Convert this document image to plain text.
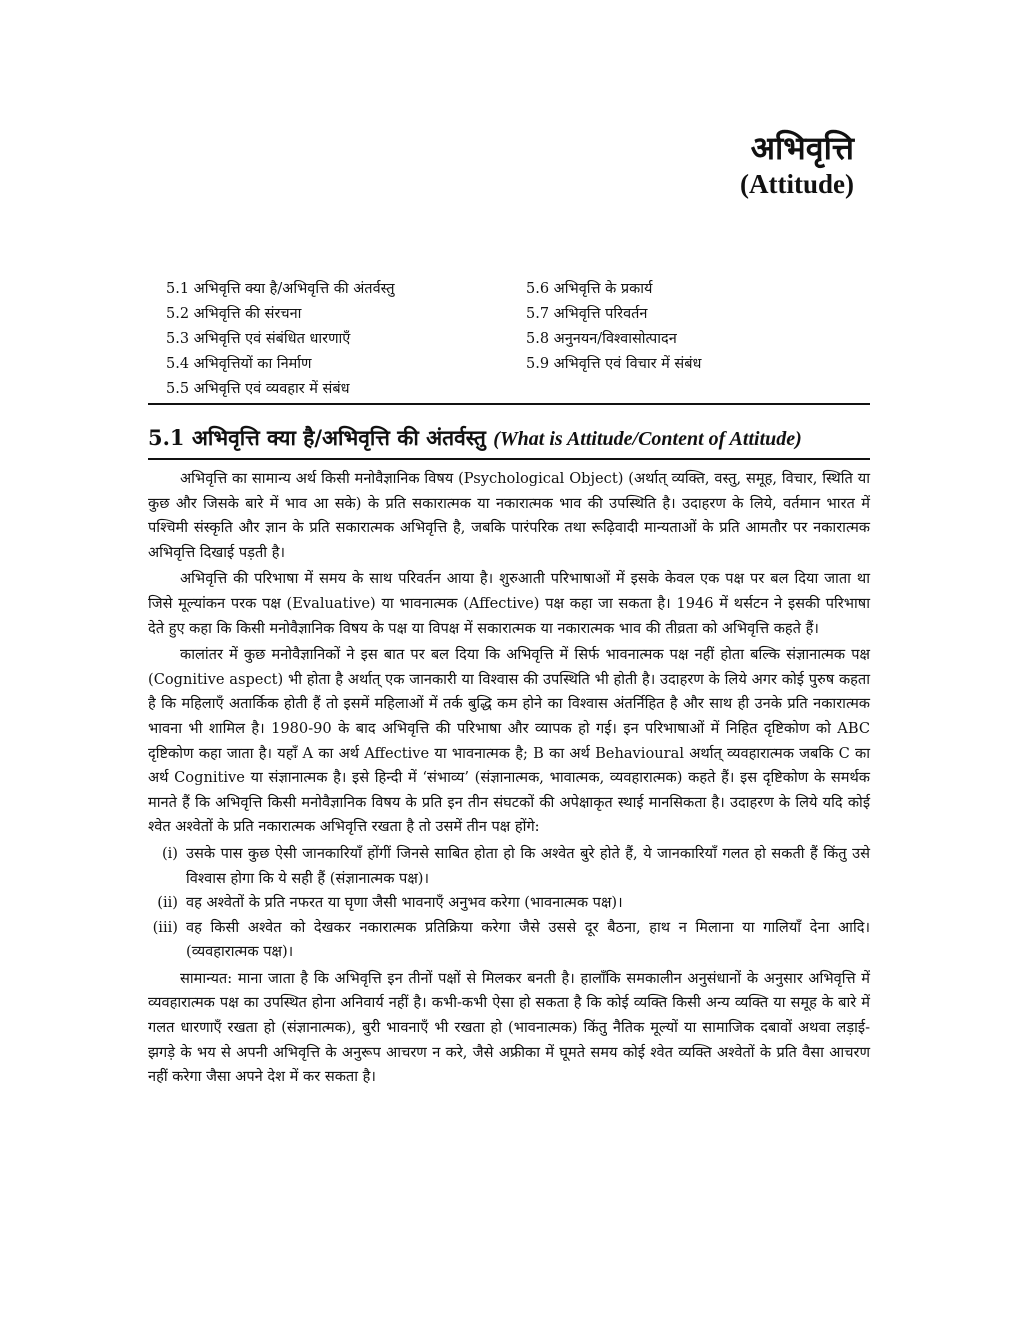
अभिवृत्ति
(Attitude)
5.1 अभिवृत्ति क्या है/अभिवृत्ति की अंतर्वस्तु	5.6 अभिवृत्ति के प्रकार्य
5.2 अभिवृत्ति की संरचना	5.7 अभिवृत्ति परिवर्तन
5.3 अभिवृत्ति एवं संबंधित धारणाएँ	5.8 अनुनयन/विश्वासोत्पादन
5.4 अभिवृत्तियों का निर्माण	5.9 अभिवृत्ति एवं विचार में संबंध
5.5 अभिवृत्ति एवं व्यवहार में संबंध
5.1 अभिवृत्ति क्या है/अभिवृत्ति की अंतर्वस्तु (What is Attitude/Content of Attitude)

अभिवृत्ति का सामान्य अर्थ किसी मनोवैज्ञानिक विषय (Psychological Object) (अर्थात् व्यक्ति, वस्तु, समूह, विचार, स्थिति या कुछ और जिसके बारे में भाव आ सके) के प्रति सकारात्मक या नकारात्मक भाव की उपस्थिति है। उदाहरण के लिये, वर्तमान भारत में पश्चिमी संस्कृति और ज्ञान के प्रति सकारात्मक अभिवृत्ति है, जबकि पारंपरिक तथा रूढ़िवादी मान्यताओं के प्रति आमतौर पर नकारात्मक अभिवृत्ति दिखाई पड़ती है।

अभिवृत्ति की परिभाषा में समय के साथ परिवर्तन आया है। शुरुआती परिभाषाओं में इसके केवल एक पक्ष पर बल दिया जाता था जिसे मूल्यांकन परक पक्ष (Evaluative) या भावनात्मक (Affective) पक्ष कहा जा सकता है। 1946 में थर्सटन ने इसकी परिभाषा देते हुए कहा कि किसी मनोवैज्ञानिक विषय के पक्ष या विपक्ष में सकारात्मक या नकारात्मक भाव की तीव्रता को अभिवृत्ति कहते हैं।

कालांतर में कुछ मनोवैज्ञानिकों ने इस बात पर बल दिया कि अभिवृत्ति में सिर्फ भावनात्मक पक्ष नहीं होता बल्कि संज्ञानात्मक पक्ष (Cognitive aspect) भी होता है अर्थात् एक जानकारी या विश्वास की उपस्थिति भी होती है। उदाहरण के लिये अगर कोई पुरुष कहता है कि महिलाएँ अतार्किक होती हैं तो इसमें महिलाओं में तर्क बुद्धि कम होने का विश्वास अंतर्निहित है और साथ ही उनके प्रति नकारात्मक भावना भी शामिल है। 1980-90 के बाद अभिवृत्ति की परिभाषा और व्यापक हो गई। इन परिभाषाओं में निहित दृष्टिकोण को ABC दृष्टिकोण कहा जाता है। यहाँ A का अर्थ Affective या भावनात्मक है; B का अर्थ Behavioural अर्थात् व्यवहारात्मक जबकि C का अर्थ Cognitive या संज्ञानात्मक है। इसे हिन्दी में ‘संभाव्य’ (संज्ञानात्मक, भावात्मक, व्यवहारात्मक) कहते हैं। इस दृष्टिकोण के समर्थक मानते हैं कि अभिवृत्ति किसी मनोवैज्ञानिक विषय के प्रति इन तीन संघटकों की अपेक्षाकृत स्थाई मानसिकता है। उदाहरण के लिये यदि कोई श्वेत अश्वेतों के प्रति नकारात्मक अभिवृत्ति रखता है तो उसमें तीन पक्ष होंगे:

(i) उसके पास कुछ ऐसी जानकारियाँ होंगीं जिनसे साबित होता हो कि अश्वेत बुरे होते हैं, ये जानकारियाँ गलत हो सकती हैं किंतु उसे विश्वास होगा कि ये सही हैं (संज्ञानात्मक पक्ष)।
(ii) वह अश्वेतों के प्रति नफरत या घृणा जैसी भावनाएँ अनुभव करेगा (भावनात्मक पक्ष)।
(iii) वह किसी अश्वेत को देखकर नकारात्मक प्रतिक्रिया करेगा जैसे उससे दूर बैठना, हाथ न मिलाना या गालियाँ देना आदि। (व्यवहारात्मक पक्ष)।

सामान्यत: माना जाता है कि अभिवृत्ति इन तीनों पक्षों से मिलकर बनती है। हालाँकि समकालीन अनुसंधानों के अनुसार अभिवृत्ति में व्यवहारात्मक पक्ष का उपस्थित होना अनिवार्य नहीं है। कभी-कभी ऐसा हो सकता है कि कोई व्यक्ति किसी अन्य व्यक्ति या समूह के बारे में गलत धारणाएँ रखता हो (संज्ञानात्मक), बुरी भावनाएँ भी रखता हो (भावनात्मक) किंतु नैतिक मूल्यों या सामाजिक दबावों अथवा लड़ाई-झगड़े के भय से अपनी अभिवृत्ति के अनुरूप आचरण न करे, जैसे अफ्रीका में घूमते समय कोई श्वेत व्यक्ति अश्वेतों के प्रति वैसा आचरण नहीं करेगा जैसा अपने देश में कर सकता है।
